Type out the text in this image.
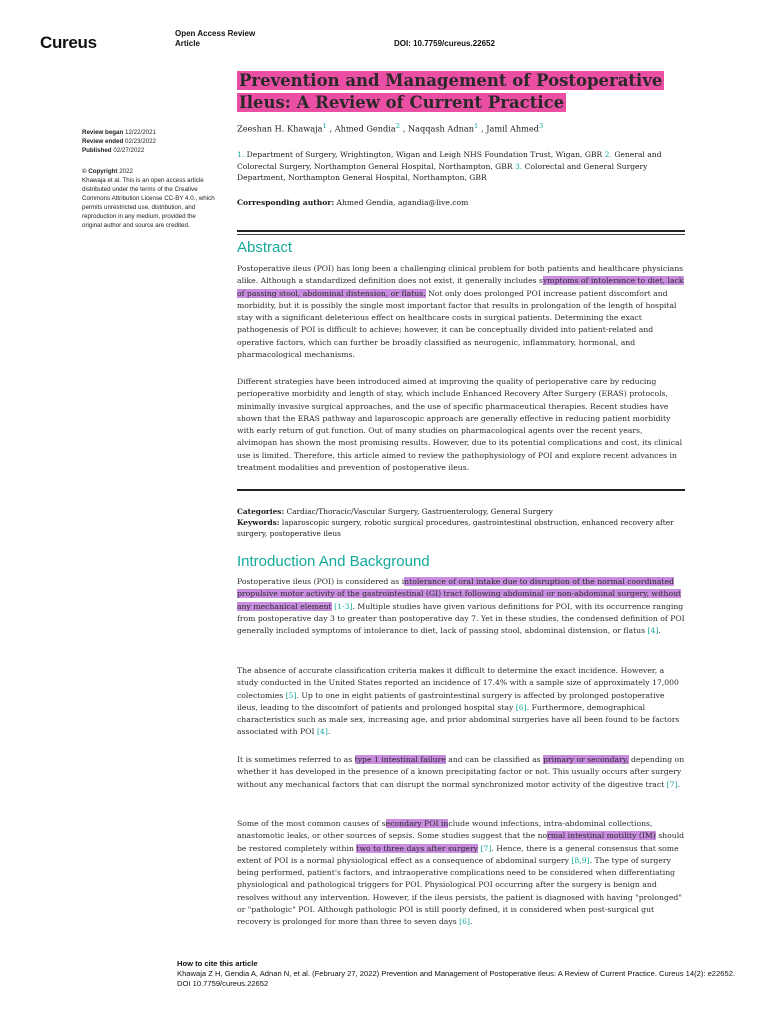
Cureus	Open Access Review
Article	DOI: 10.7759/cureus.22652
Prevention and Management of Postoperative
Ileus: A Review of Current Practice
Zeeshan H. Khawaja$^1$ , Ahmed Gendia$^2$ , Naqqash Adnan$^1$ , Jamil Ahmed$^3$
1. Department of Surgery, Wrightington, Wigan and Leigh NHS Foundation Trust, Wigan, GBR 2. General and Colorectal Surgery, Northampton General Hospital, Northampton, GBR 3. Colorectal and General Surgery Department, Northampton General Hospital, Northampton, GBR
Corresponding author: Ahmed Gendia, agandia@live.com
Review began 12/22/2021
Review ended 02/23/2022
Published 02/27/2022
© Copyright 2022
Khawaja et al. This is an open access article distributed under the terms of the Creative Commons Attribution License CC-BY 4.0., which permits unrestricted use, distribution, and reproduction in any medium, provided the original author and source are credited.
Abstract

Postoperative ileus (POI) has long been a challenging clinical problem for both patients and healthcare physicians alike. Although a standardized definition does not exist, it generally includes symptoms of intolerance to diet, lack of passing stool, abdominal distension, or flatus. Not only does prolonged POI increase patient discomfort and morbidity, but it is possibly the single most important factor that results in prolongation of the length of hospital stay with a significant deleterious effect on healthcare costs in surgical patients. Determining the exact pathogenesis of POI is difficult to achieve; however, it can be conceptually divided into patient-related and operative factors, which can further be broadly classified as neurogenic, inflammatory, hormonal, and pharmacological mechanisms.

Different strategies have been introduced aimed at improving the quality of perioperative care by reducing perioperative morbidity and length of stay, which include Enhanced Recovery After Surgery (ERAS) protocols, minimally invasive surgical approaches, and the use of specific pharmaceutical therapies. Recent studies have shown that the ERAS pathway and laparoscopic approach are generally effective in reducing patient morbidity with early return of gut function. Out of many studies on pharmacological agents over the recent years, alvimopan has shown the most promising results. However, due to its potential complications and cost, its clinical use is limited. Therefore, this article aimed to review the pathophysiology of POI and explore recent advances in treatment modalities and prevention of postoperative ileus.

Categories: Cardiac/Thoracic/Vascular Surgery, Gastroenterology, General Surgery
Keywords: laparoscopic surgery, robotic surgical procedures, gastrointestinal obstruction, enhanced recovery after surgery, postoperative ileus
Introduction And Background

Postoperative ileus (POI) is considered as intolerance of oral intake due to disruption of the normal coordinated propulsive motor activity of the gastrointestinal (GI) tract following abdominal or non-abdominal surgery, without any mechanical element [1-3]. Multiple studies have given various definitions for POI, with its occurrence ranging from postoperative day 3 to greater than postoperative day 7. Yet in these studies, the condensed definition of POI generally included symptoms of intolerance to diet, lack of passing stool, abdominal distension, or flatus [4].

The absence of accurate classification criteria makes it difficult to determine the exact incidence. However, a study conducted in the United States reported an incidence of 17.4% with a sample size of approximately 17,000 colectomies [5]. Up to one in eight patients of gastrointestinal surgery is affected by prolonged postoperative ileus, leading to the discomfort of patients and prolonged hospital stay [6]. Furthermore, demographical characteristics such as male sex, increasing age, and prior abdominal surgeries have all been found to be factors associated with POI [4].

It is sometimes referred to as type 1 intestinal failure and can be classified as primary or secondary, depending on whether it has developed in the presence of a known precipitating factor or not. This usually occurs after surgery without any mechanical factors that can disrupt the normal synchronized motor activity of the digestive tract [7].

Some of the most common causes of secondary POI include wound infections, intra-abdominal collections, anastomotic leaks, or other sources of sepsis. Some studies suggest that the normal intestinal motility (IM) should be restored completely within two to three days after surgery [7]. Hence, there is a general consensus that some extent of POI is a normal physiological effect as a consequence of abdominal surgery [8,9]. The type of surgery being performed, patient's factors, and intraoperative complications need to be considered when differentiating physiological and pathological triggers for POI. Physiological POI occurring after the surgery is benign and resolves without any intervention. However, if the ileus persists, the patient is diagnosed with having "prolonged" or "pathologic" POI. Although pathologic POI is still poorly defined, it is considered when post-surgical gut recovery is prolonged for more than three to seven days [6].

How to cite this article
Khawaja Z H, Gendia A, Adnan N, et al. (February 27, 2022) Prevention and Management of Postoperative Ileus: A Review of Current Practice. Cureus 14(2): e22652. DOI 10.7759/cureus.22652
